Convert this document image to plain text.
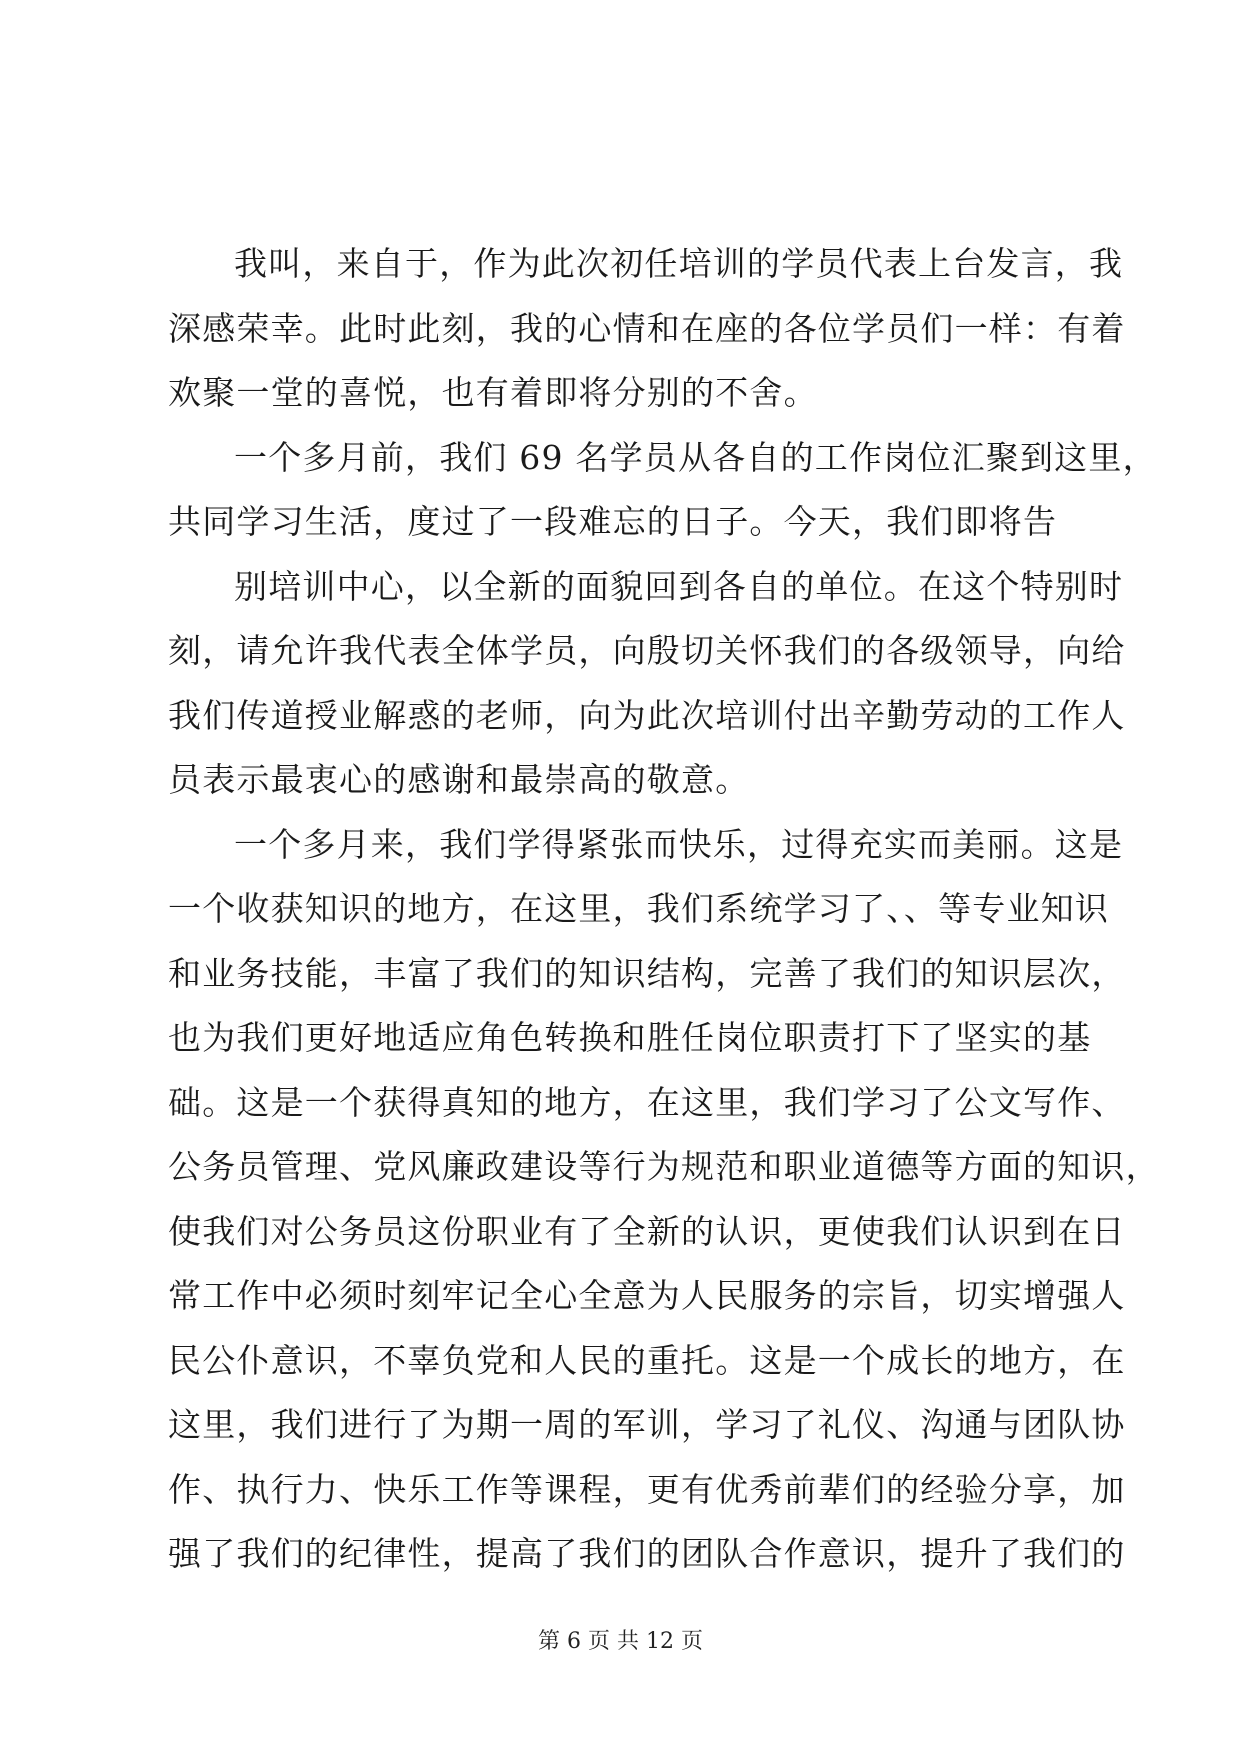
我叫，来自于，作为此次初任培训的学员代表上台发言，我
深感荣幸。此时此刻，我的心情和在座的各位学员们一样：有着
欢聚一堂的喜悦，也有着即将分别的不舍。
一个多月前，我们 69 名学员从各自的工作岗位汇聚到这里，
共同学习生活，度过了一段难忘的日子。今天，我们即将告
别培训中心，以全新的面貌回到各自的单位。在这个特别时
刻，请允许我代表全体学员，向殷切关怀我们的各级领导，向给
我们传道授业解惑的老师，向为此次培训付出辛勤劳动的工作人
员表示最衷心的感谢和最崇高的敬意。
一个多月来，我们学得紧张而快乐，过得充实而美丽。这是
一个收获知识的地方，在这里，我们系统学习了、、等专业知识
和业务技能，丰富了我们的知识结构，完善了我们的知识层次，
也为我们更好地适应角色转换和胜任岗位职责打下了坚实的基
础。这是一个获得真知的地方，在这里，我们学习了公文写作、
公务员管理、党风廉政建设等行为规范和职业道德等方面的知识，
使我们对公务员这份职业有了全新的认识，更使我们认识到在日
常工作中必须时刻牢记全心全意为人民服务的宗旨，切实增强人
民公仆意识，不辜负党和人民的重托。这是一个成长的地方，在
这里，我们进行了为期一周的军训，学习了礼仪、沟通与团队协
作、执行力、快乐工作等课程，更有优秀前辈们的经验分享，加
强了我们的纪律性，提高了我们的团队合作意识，提升了我们的
第 6 页 共 12 页
